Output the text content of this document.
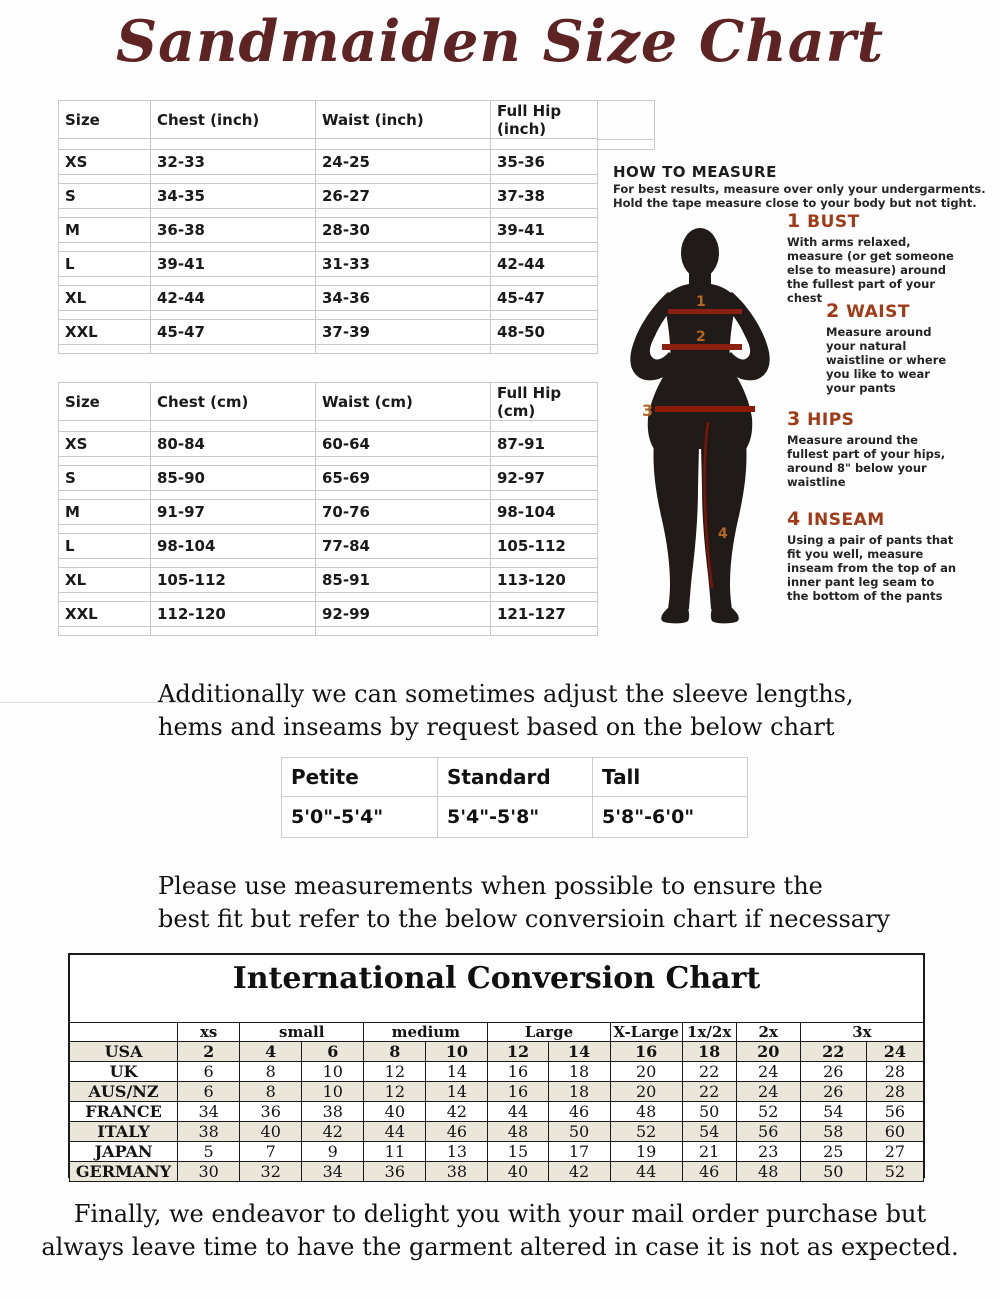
Sandmaiden Size Chart
Size	Chest (inch)	Waist (inch)	Full Hip (inch)

XS	32-33	24-25	35-36

S	34-35	26-27	37-38

M	36-38	28-30	39-41

L	39-41	31-33	42-44

XL	42-44	34-36	45-47

XXL	45-47	37-39	48-50

Size	Chest (cm)	Waist (cm)	Full Hip (cm)

XS	80-84	60-64	87-91

S	85-90	65-69	92-97

M	91-97	70-76	98-104

L	98-104	77-84	105-112

XL	105-112	85-91	113-120

XXL	112-120	92-99	121-127

HOW TO MEASURE
For best results, measure over only your undergarments.
Hold the tape measure close to your body but not tight.
1
2
3
4
1 BUST
With arms relaxed, measure (or get someone else to measure) around the fullest part of your chest
2 WAIST
Measure around your natural waistline or where you like to wear your pants
3 HIPS
Measure around the fullest part of your hips, around 8" below your waistline
4 INSEAM
Using a pair of pants that fit you well, measure inseam from the top of an inner pant leg seam to the bottom of the pants
Additionally we can sometimes adjust the sleeve lengths,
hems and inseams by request based on the below chart
Petite	Standard	Tall
5'0"-5'4"	5'4"-5'8"	5'8"-6'0"
Please use measurements when possible to ensure the
best fit but refer to the below conversioin chart if necessary
International Conversion Chart
	xs	small		medium		Large		X-Large	1x/2x	2x	3x	
USA	2	4	6	8	10	12	14	16	18	20	22	24
UK	6	8	10	12	14	16	18	20	22	24	26	28
AUS/NZ	6	8	10	12	14	16	18	20	22	24	26	28
FRANCE	34	36	38	40	42	44	46	48	50	52	54	56
ITALY	38	40	42	44	46	48	50	52	54	56	58	60
JAPAN	5	7	9	11	13	15	17	19	21	23	25	27
GERMANY	30	32	34	36	38	40	42	44	46	48	50	52
Finally, we endeavor to delight you with your mail order purchase but
always leave time to have the garment altered in case it is not as expected.
